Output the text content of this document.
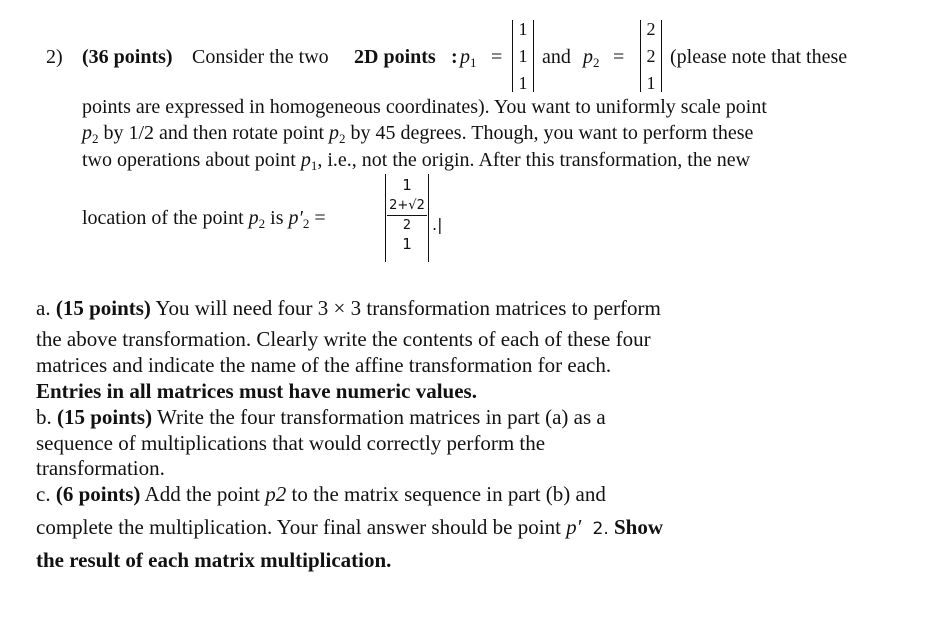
2) (36 points) Consider the two 2D points : $p_1$ =
1
1
1
and $p_2$ =
2
2
1
(please note that these
points are expressed in homogeneous coordinates). You want to uniformly scale point
$p_2$ by 1/2 and then rotate point $p_2$ by 45 degrees. Though, you want to perform these
two operations about point $p_1$, i.e., not the origin. After this transformation, the new
location of the point $p_2$ is $p'_2$ =
1
2+√2
2
1
.|
a. (15 points) You will need four 3 × 3 transformation matrices to perform
the above transformation. Clearly write the contents of each of these four
matrices and indicate the name of the affine transformation for each.
Entries in all matrices must have numeric values.
b. (15 points) Write the four transformation matrices in part (a) as a
sequence of multiplications that would correctly perform the
transformation.
c. (6 points) Add the point p2 to the matrix sequence in part (b) and
complete the multiplication. Your final answer should be point p′ 2. Show
the result of each matrix multiplication.
